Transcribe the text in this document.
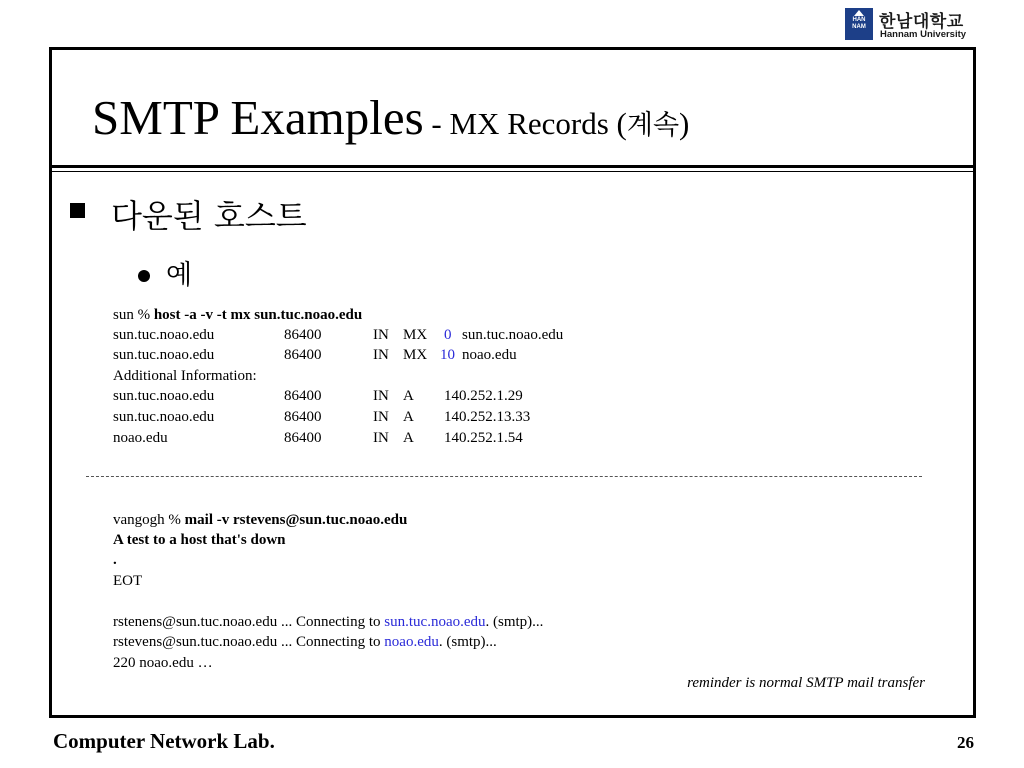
HAN NAM 한남대학교
Hannam University
SMTP Examples - MX Records (계속)
다운된 호스트
예
sun % host -a -v -t mx sun.tuc.noao.edu
sun.tuc.noao.edu	86400	IN MX 0 sun.tuc.noao.edu
sun.tuc.noao.edu	86400	IN MX 10 noao.edu
Additional Information:
sun.tuc.noao.edu	86400	IN A 140.252.1.29
sun.tuc.noao.edu	86400	IN A 140.252.13.33
noao.edu	86400	IN A 140.252.1.54
vangogh % mail -v rstevens@sun.tuc.noao.edu
A test to a host that's down
.
EOT
rstenens@sun.tuc.noao.edu ... Connecting to sun.tuc.noao.edu. (smtp)...
rstevens@sun.tuc.noao.edu ... Connecting to noao.edu. (smtp)...
220 noao.edu …
reminder is normal SMTP mail transfer
Computer Network Lab.	26
